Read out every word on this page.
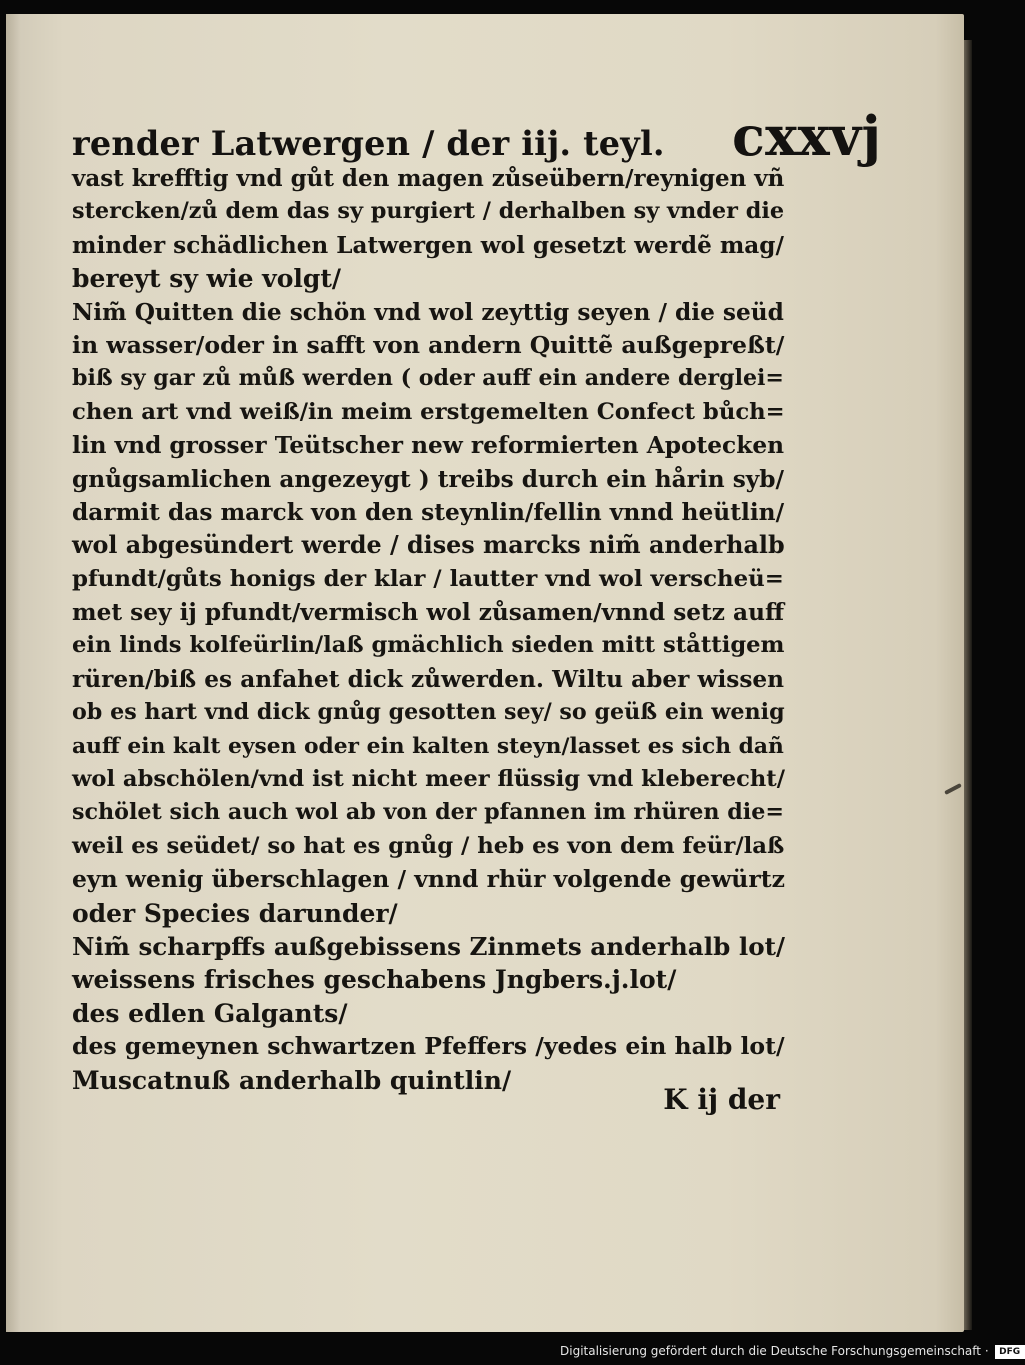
render Latwergen / der iij. teyl. cxxvj
vast krefftig vnd gůt den magen zůseübern/reynigen vñ
stercken/zů dem das sy purgiert / derhalben sy vnder die
minder schädlichen Latwergen wol gesetzt werdẽ mag/
bereyt sy wie volgt/
Nim̃ Quitten die schön vnd wol zeyttig seyen / die seüd
in wasser/oder in safft von andern Quittẽ außgepreßt/
biß sy gar zů můß werden ( oder auff ein andere derglei=
chen art vnd weiß/in meim erstgemelten Confect bůch=
lin vnd grosser Teütscher new reformierten Apotecken
gnůgsamlichen angezeygt ) treibs durch ein hårin syb/
darmit das marck von den steynlin/fellin vnnd heütlin/
wol abgesündert werde / dises marcks nim̃ anderhalb
pfundt/gůts honigs der klar / lautter vnd wol verscheü=
met sey ij pfundt/vermisch wol zůsamen/vnnd setz auff
ein linds kolfeürlin/laß gmächlich sieden mitt ståttigem
rüren/biß es anfahet dick zůwerden. Wiltu aber wissen
ob es hart vnd dick gnůg gesotten sey/ so geüß ein wenig
auff ein kalt eysen oder ein kalten steyn/lasset es sich dañ
wol abschölen/vnd ist nicht meer flüssig vnd kleberecht/
schölet sich auch wol ab von der pfannen im rhüren die=
weil es seüdet/ so hat es gnůg / heb es von dem feür/laß
eyn wenig überschlagen / vnnd rhür volgende gewürtz
oder Species darunder/
Nim̃ scharpffs außgebissens Zinmets anderhalb lot/
weissens frisches geschabens Jngbers.j.lot/
des edlen Galgants/
des gemeynen schwartzen Pfeffers /yedes ein halb lot/
Muscatnuß anderhalb quintlin/
K ij der
Digitalisierung gefördert durch die Deutsche Forschungsgemeinschaft · DFG
